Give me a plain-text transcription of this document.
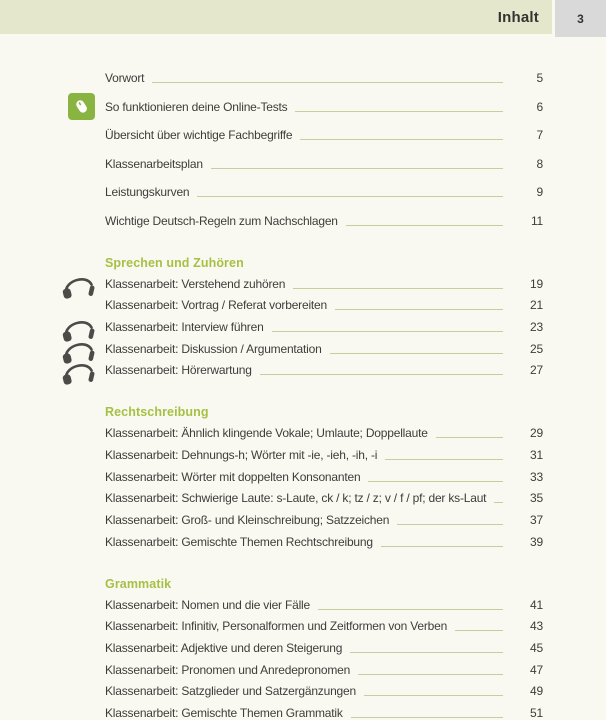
Inhalt	3
Vorwort	5
So funktionieren deine Online-Tests	6
Übersicht über wichtige Fachbegriffe	7
Klassenarbeitsplan	8
Leistungskurven	9
Wichtige Deutsch-Regeln zum Nachschlagen	11
Sprechen und Zuhören
Klassenarbeit: Verstehend zuhören	19
Klassenarbeit: Vortrag / Referat vorbereiten	21
Klassenarbeit: Interview führen	23
Klassenarbeit: Diskussion / Argumentation	25
Klassenarbeit: Hörerwartung	27
Rechtschreibung
Klassenarbeit: Ähnlich klingende Vokale; Umlaute; Doppellaute	29
Klassenarbeit: Dehnungs-h; Wörter mit -ie, -ieh, -ih, -i	31
Klassenarbeit: Wörter mit doppelten Konsonanten	33
Klassenarbeit: Schwierige Laute: s-Laute, ck / k; tz / z; v / f / pf; der ks-Laut	35
Klassenarbeit: Groß- und Kleinschreibung; Satzzeichen	37
Klassenarbeit: Gemischte Themen Rechtschreibung	39
Grammatik
Klassenarbeit: Nomen und die vier Fälle	41
Klassenarbeit: Infinitiv, Personalformen und Zeitformen von Verben	43
Klassenarbeit: Adjektive und deren Steigerung	45
Klassenarbeit: Pronomen und Anredepronomen	47
Klassenarbeit: Satzglieder und Satzergänzungen	49
Klassenarbeit: Gemischte Themen Grammatik	51
